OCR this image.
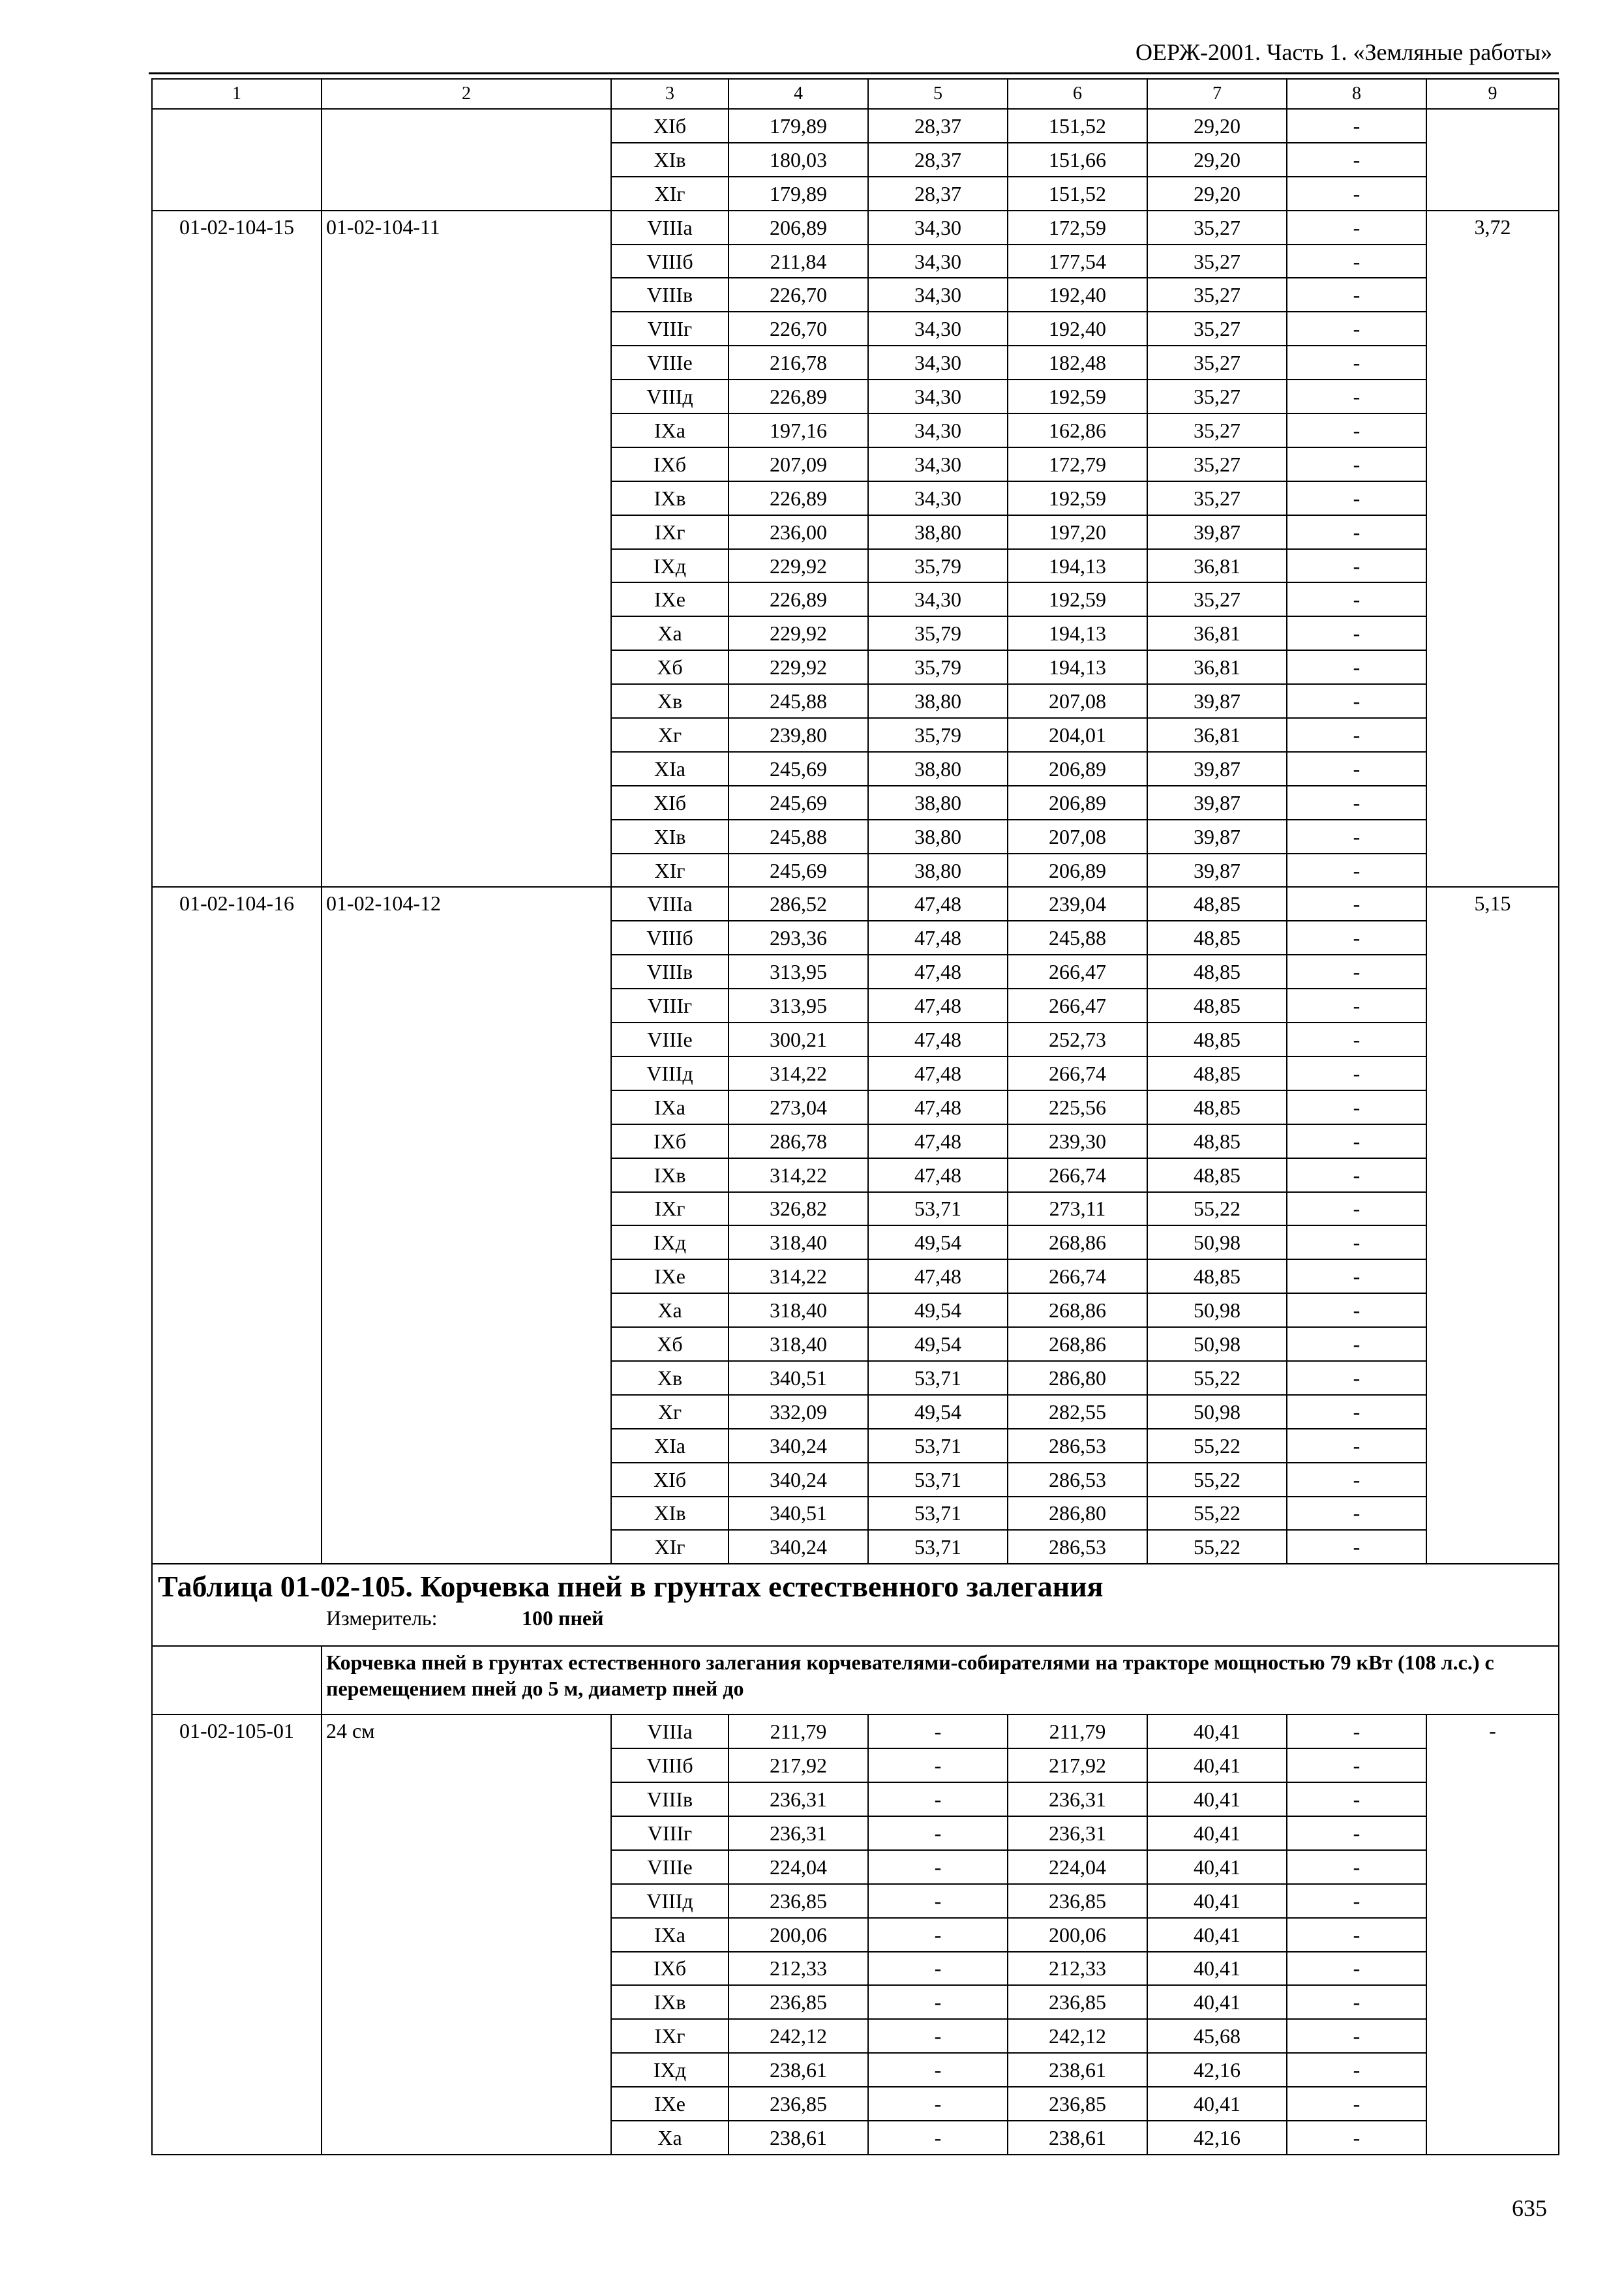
ОЕРЖ-2001. Часть 1. «Земляные работы»
1	2	3	4	5	6	7	8	9
		XIб	179,89	28,37	151,52	29,20	-	
		XIв	180,03	28,37	151,66	29,20	-	
		XIг	179,89	28,37	151,52	29,20	-	
01-02-104-15	01-02-104-11	VIIIа	206,89	34,30	172,59	35,27	-	3,72
		VIIIб	211,84	34,30	177,54	35,27	-	
		VIIIв	226,70	34,30	192,40	35,27	-	
		VIIIг	226,70	34,30	192,40	35,27	-	
		VIIIе	216,78	34,30	182,48	35,27	-	
		VIIIд	226,89	34,30	192,59	35,27	-	
		IXа	197,16	34,30	162,86	35,27	-	
		IXб	207,09	34,30	172,79	35,27	-	
		IXв	226,89	34,30	192,59	35,27	-	
		IXг	236,00	38,80	197,20	39,87	-	
		IXд	229,92	35,79	194,13	36,81	-	
		IXе	226,89	34,30	192,59	35,27	-	
		Xа	229,92	35,79	194,13	36,81	-	
		Xб	229,92	35,79	194,13	36,81	-	
		Xв	245,88	38,80	207,08	39,87	-	
		Xг	239,80	35,79	204,01	36,81	-	
		XIа	245,69	38,80	206,89	39,87	-	
		XIб	245,69	38,80	206,89	39,87	-	
		XIв	245,88	38,80	207,08	39,87	-	
		XIг	245,69	38,80	206,89	39,87	-	
01-02-104-16	01-02-104-12	VIIIа	286,52	47,48	239,04	48,85	-	5,15
		VIIIб	293,36	47,48	245,88	48,85	-	
		VIIIв	313,95	47,48	266,47	48,85	-	
		VIIIг	313,95	47,48	266,47	48,85	-	
		VIIIе	300,21	47,48	252,73	48,85	-	
		VIIIд	314,22	47,48	266,74	48,85	-	
		IXа	273,04	47,48	225,56	48,85	-	
		IXб	286,78	47,48	239,30	48,85	-	
		IXв	314,22	47,48	266,74	48,85	-	
		IXг	326,82	53,71	273,11	55,22	-	
		IXд	318,40	49,54	268,86	50,98	-	
		IXе	314,22	47,48	266,74	48,85	-	
		Xа	318,40	49,54	268,86	50,98	-	
		Xб	318,40	49,54	268,86	50,98	-	
		Xв	340,51	53,71	286,80	55,22	-	
		Xг	332,09	49,54	282,55	50,98	-	
		XIа	340,24	53,71	286,53	55,22	-	
		XIб	340,24	53,71	286,53	55,22	-	
		XIв	340,51	53,71	286,80	55,22	-	
		XIг	340,24	53,71	286,53	55,22	-	

Таблица 01-02-105. Корчевка пней в грунтах естественного залегания
Измеритель: 100 пней								

	Корчевка пней в грунтах естественного залегания корчевателями-собирателями на тракторе мощностью 79 кВт (108 л.с.) с перемещением пней до 5 м, диаметр пней до							
01-02-105-01	24 см	VIIIа	211,79	-	211,79	40,41	-	-
		VIIIб	217,92	-	217,92	40,41	-	
		VIIIв	236,31	-	236,31	40,41	-	
		VIIIг	236,31	-	236,31	40,41	-	
		VIIIе	224,04	-	224,04	40,41	-	
		VIIIд	236,85	-	236,85	40,41	-	
		IXа	200,06	-	200,06	40,41	-	
		IXб	212,33	-	212,33	40,41	-	
		IXв	236,85	-	236,85	40,41	-	
		IXг	242,12	-	242,12	45,68	-	
		IXд	238,61	-	238,61	42,16	-	
		IXе	236,85	-	236,85	40,41	-	
		Xа	238,61	-	238,61	42,16	-	
635
